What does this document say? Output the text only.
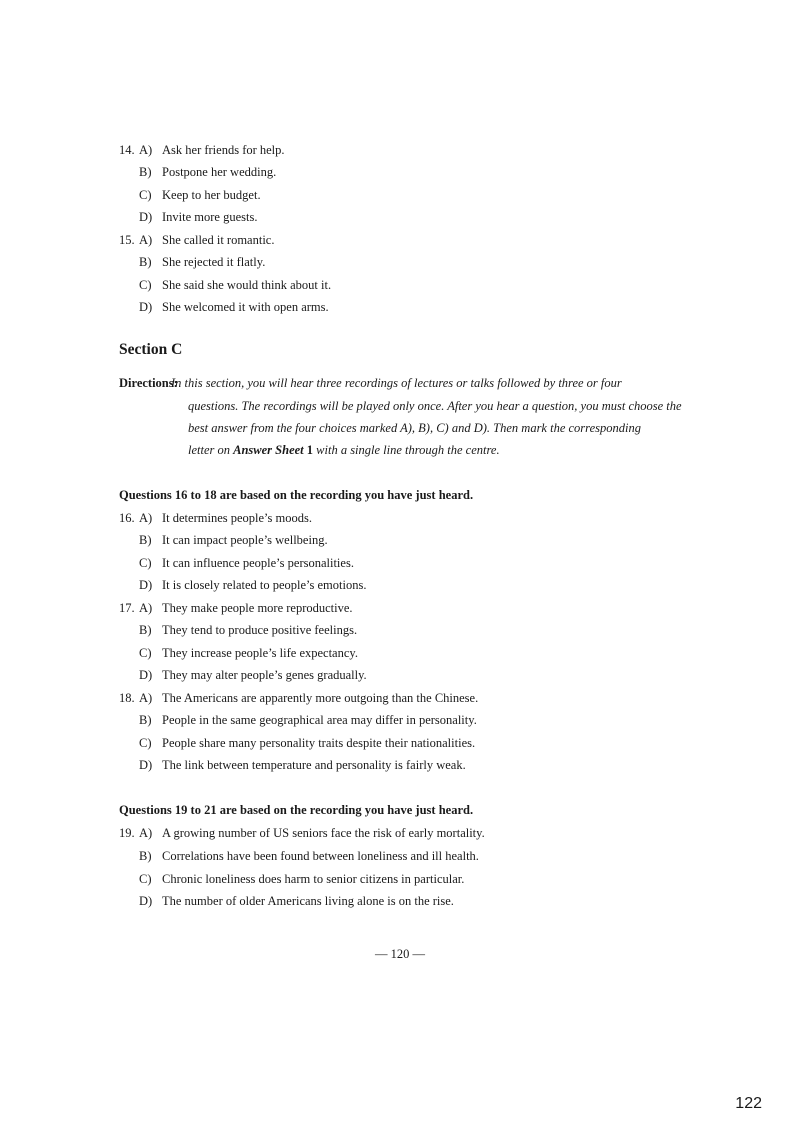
14. A) Ask her friends for help.
B) Postpone her wedding.
C) Keep to her budget.
D) Invite more guests.
15. A) She called it romantic.
B) She rejected it flatly.
C) She said she would think about it.
D) She welcomed it with open arms.
Section C
Directions:
In this section, you will hear three recordings of lectures or talks followed by three or four
questions. The recordings will be played only once. After you hear a question, you must choose the
best answer from the four choices marked A), B), C) and D). Then mark the corresponding
letter on Answer Sheet 1 with a single line through the centre.
Questions 16 to 18 are based on the recording you have just heard.
16. A) It determines people’s moods.
B) It can impact people’s wellbeing.
C) It can influence people’s personalities.
D) It is closely related to people’s emotions.
17. A) They make people more reproductive.
B) They tend to produce positive feelings.
C) They increase people’s life expectancy.
D) They may alter people’s genes gradually.
18. A) The Americans are apparently more outgoing than the Chinese.
B) People in the same geographical area may differ in personality.
C) People share many personality traits despite their nationalities.
D) The link between temperature and personality is fairly weak.
Questions 19 to 21 are based on the recording you have just heard.
19. A) A growing number of US seniors face the risk of early mortality.
B) Correlations have been found between loneliness and ill health.
C) Chronic loneliness does harm to senior citizens in particular.
D) The number of older Americans living alone is on the rise.
— 120 —
122
